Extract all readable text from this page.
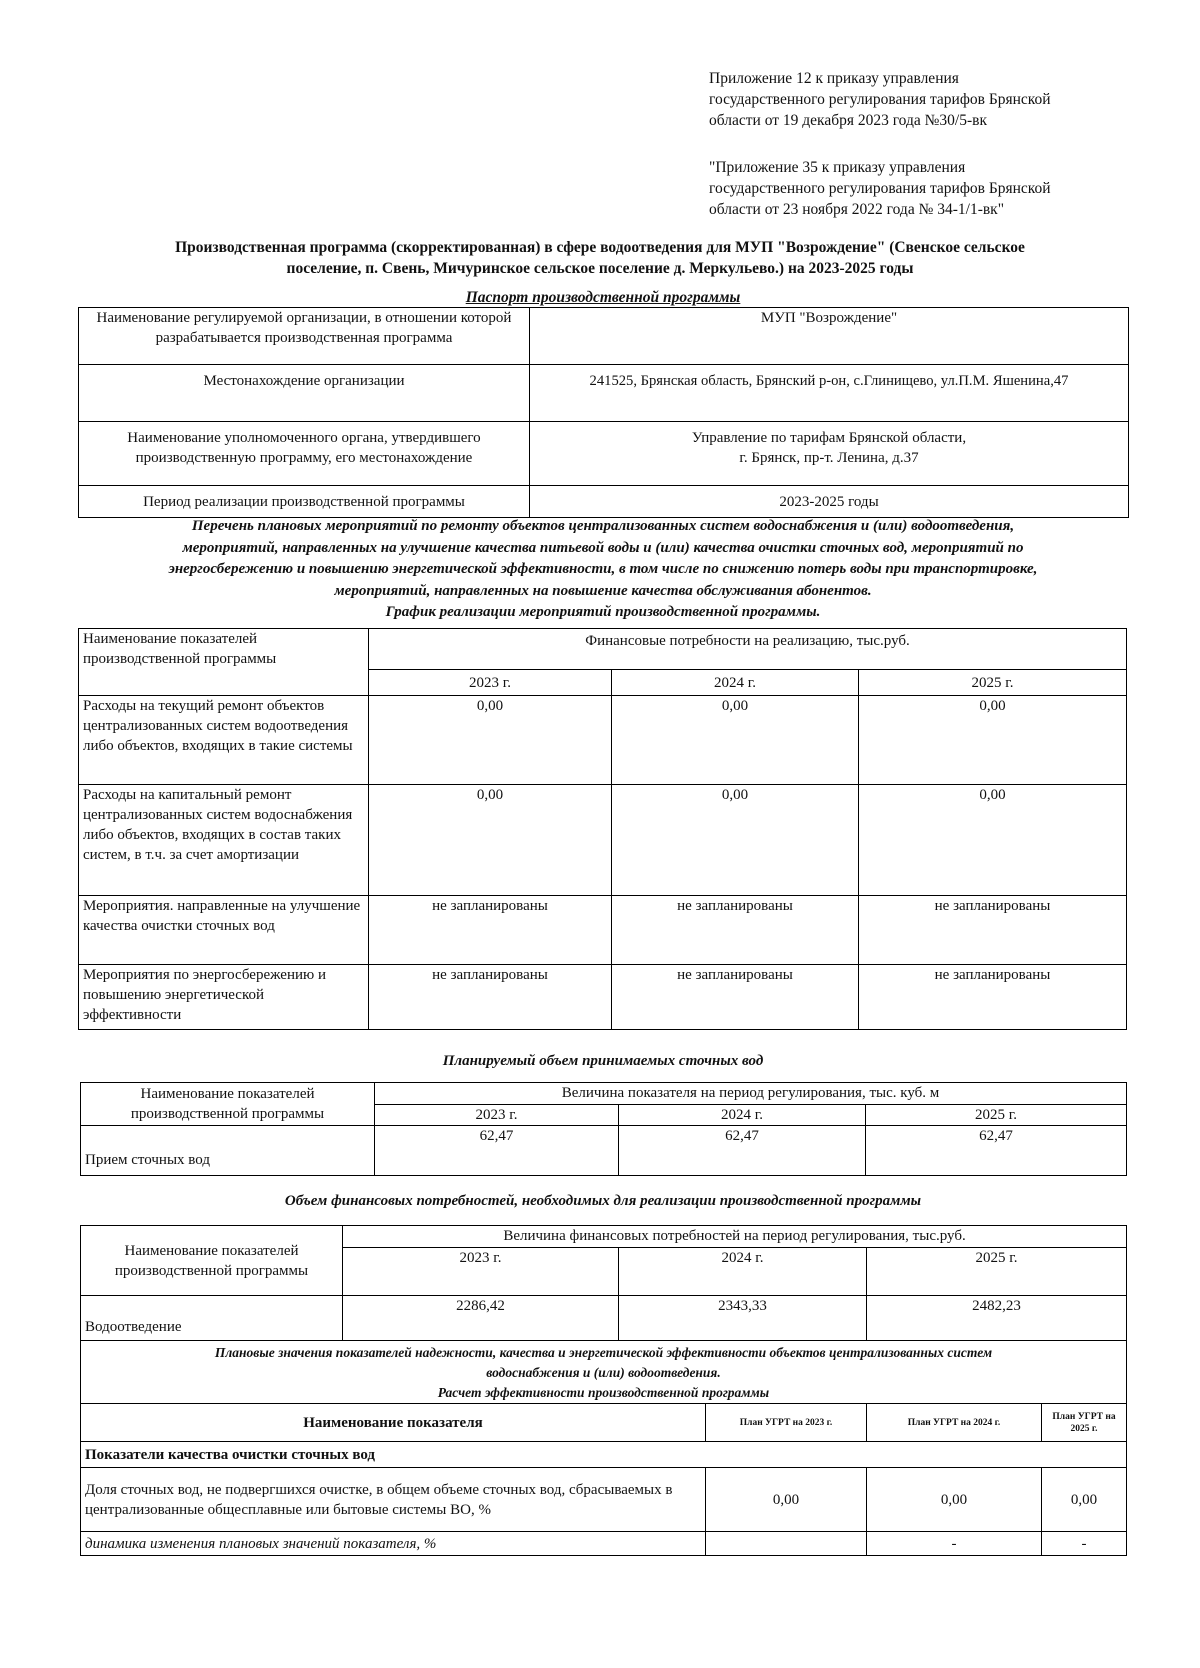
Приложение 12 к приказу управления
государственного регулирования тарифов Брянской
области от 19 декабря 2023 года №30/5-вк
"Приложение 35 к приказу управления
государственного регулирования тарифов Брянской
области от 23 ноября 2022 года № 34-1/1-вк"
Производственная программа (скорректированная) в сфере водоотведения для МУП "Возрождение" (Свенское сельское
поселение, п. Свень, Мичуринское сельское поселение д. Меркульево.) на 2023-2025 годы
Паспорт производственной программы
Наименование регулируемой организации, в отношении которой разрабатывается производственная программа	МУП "Возрождение"
Местонахождение организации	241525, Брянская область, Брянский р-он, с.Глинищево, ул.П.М. Яшенина,47
Наименование уполномоченного органа, утвердившего производственную программу, его местонахождение	Управление по тарифам Брянской области,
г. Брянск, пр-т. Ленина, д.37
Период реализации производственной программы	2023-2025 годы
Перечень плановых мероприятий по ремонту объектов централизованных систем водоснабжения и (или) водоотведения,
мероприятий, направленных на улучшение качества питьевой воды и (или) качества очистки сточных вод, мероприятий по
энергосбережению и повышению энергетической эффективности, в том числе по снижению потерь воды при транспортировке,
мероприятий, направленных на повышение качества обслуживания абонентов.
График реализации мероприятий производственной программы.
Наименование показателей производственной программы	Финансовые потребности на реализацию, тыс.руб.		
	2023 г.	2024 г.	2025 г.
Расходы на текущий ремонт объектов централизованных систем водоотведения либо объектов, входящих в такие системы	0,00	0,00	0,00
Расходы на капитальный ремонт централизованных систем водоснабжения либо объектов, входящих в состав таких систем, в т.ч. за счет амортизации	0,00	0,00	0,00
Мероприятия. направленные на улучшение качества очистки сточных вод	не запланированы	не запланированы	не запланированы
Мероприятия по энергосбережению и повышению энергетической эффективности	не запланированы	не запланированы	не запланированы
Планируемый объем принимаемых сточных вод
Наименование показателей производственной программы	Величина показателя на период регулирования, тыс. куб. м		
	2023 г.	2024 г.	2025 г.
Прием сточных вод	62,47	62,47	62,47
Объем финансовых потребностей, необходимых для реализации производственной программы
Наименование показателей производственной программы	Величина финансовых потребностей на период регулирования, тыс.руб.		
	2023 г.	2024 г.	2025 г.
Водоотведение	2286,42	2343,33	2482,23
Плановые значения показателей надежности, качества и энергетической эффективности объектов централизованных систем
водоснабжения и (или) водоотведения.
Расчет эффективности производственной программы			

Наименование показателя	План УГРТ на 2023 г.	План УГРТ на 2024 г.	План УГРТ на 2025 г.
Показатели качества очистки сточных вод			
Доля сточных вод, не подвергшихся очистке, в общем объеме сточных вод, сбрасываемых в централизованные общесплавные или бытовые системы ВО, %	0,00	0,00	0,00
динамика изменения плановых значений показателя, %		-	-
